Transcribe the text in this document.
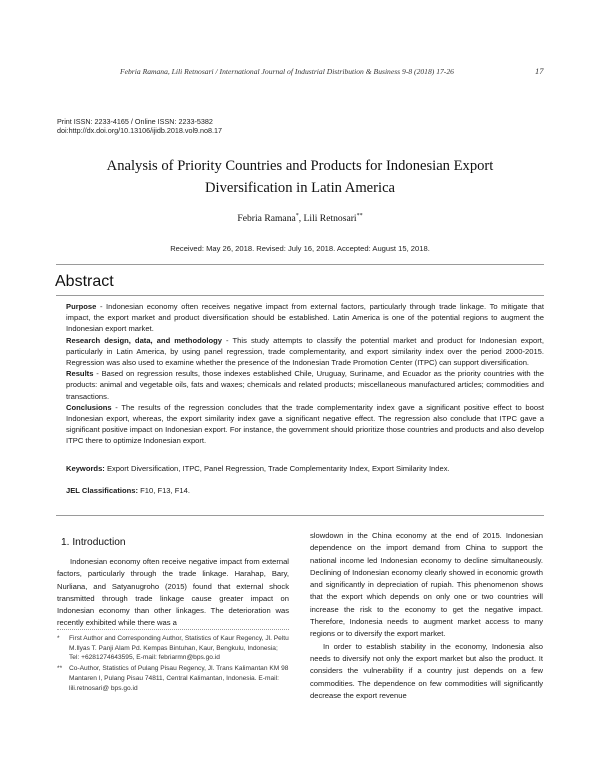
Febria Ramana, Lili Retnosari / International Journal of Industrial Distribution & Business 9-8 (2018) 17-26	17
Print ISSN: 2233-4165 / Online ISSN: 2233-5382
doi:http://dx.doi.org/10.13106/ijidb.2018.vol9.no8.17
Analysis of Priority Countries and Products for Indonesian Export
Diversification in Latin America
Febria Ramana*, Lili Retnosari**
Received: May 26, 2018. Revised: July 16, 2018. Accepted: August 15, 2018.
Abstract

Purpose - Indonesian economy often receives negative impact from external factors, particularly through trade linkage. To mitigate that impact, the export market and product diversification should be established. Latin America is one of the potential regions to augment the Indonesian export market.

Research design, data, and methodology - This study attempts to classify the potential market and product for Indonesian export, particularly in Latin America, by using panel regression, trade complementarity, and export similarity index over the period 2000-2015. Regression was also used to examine whether the presence of the Indonesian Trade Promotion Center (ITPC) can support diversification.

Results - Based on regression results, those indexes established Chile, Uruguay, Suriname, and Ecuador as the priority countries with the products: animal and vegetable oils, fats and waxes; chemicals and related products; miscellaneous manufactured articles; commodities and transactions.

Conclusions - The results of the regression concludes that the trade complementarity index gave a significant positive effect to boost Indonesian export, whereas, the export similarity index gave a significant negative effect. The regression also conclude that ITPC gave a significant positive impact on Indonesian export. For instance, the government should prioritize those countries and products and also develop ITPC there to optimize Indonesian export.

Keywords: Export Diversification, ITPC, Panel Regression, Trade Complementarity Index, Export Similarity Index.
JEL Classifications: F10, F13, F14.
1. Introduction
Indonesian economy often receive negative impact from external factors, particularly through the trade linkage. Harahap, Bary, Nurliana, and Satyanugroho (2015) found that external shock transmitted through trade linkage cause greater impact on Indonesian economy than other linkages. The deterioration was recently exhibited while there was a
* First Author and Corresponding Author, Statistics of Kaur Regency, Jl. Peltu M.Ilyas T. Panji Alam Pd. Kempas Bintuhan, Kaur, Bengkulu, Indonesia; Tel: +6281274643595, E-mail: febriarmn@bps.go.id
** Co-Author, Statistics of Pulang Pisau Regency, Jl. Trans Kalimantan KM 98 Mantaren I, Pulang Pisau 74811, Central Kalimantan, Indonesia. E-mail: lili.retnosari@ bps.go.id

slowdown in the China economy at the end of 2015. Indonesian dependence on the import demand from China to support the national income led Indonesian economy to decline simultaneously. Declining of Indonesian economy clearly showed in economic growth and significantly in depreciation of rupiah. This phenomenon shows that the export which depends on only one or two countries will increase the risk to the economy to get the negative impact. Therefore, Indonesia needs to augment market access to many regions or to diversify the export market.

In order to establish stability in the economy, Indonesia also needs to diversify not only the export market but also the product. It considers the vulnerability if a country just depends on a few commodities. The dependence on few commodities will significantly decrease the export revenue
